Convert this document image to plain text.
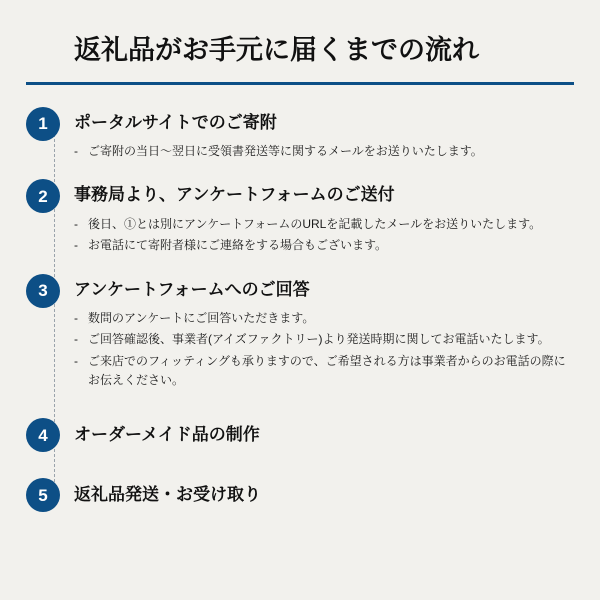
返礼品がお手元に届くまでの流れ
1	ポータルサイトでのご寄附
- ご寄附の当日〜翌日に受領書発送等に関するメールをお送りいたします。
2	事務局より、アンケートフォームのご送付
- 後日、①とは別にアンケートフォームのURLを記載したメールをお送りいたします。
- お電話にて寄附者様にご連絡をする場合もございます。
3	アンケートフォームへのご回答
- 数問のアンケートにご回答いただきます。
- ご回答確認後、事業者(アイズファクトリー)より発送時期に関してお電話いたします。
- ご来店でのフィッティングも承りますので、ご希望される方は事業者からのお電話の際にお伝えください。
4	オーダーメイド品の制作
5	返礼品発送・お受け取り
